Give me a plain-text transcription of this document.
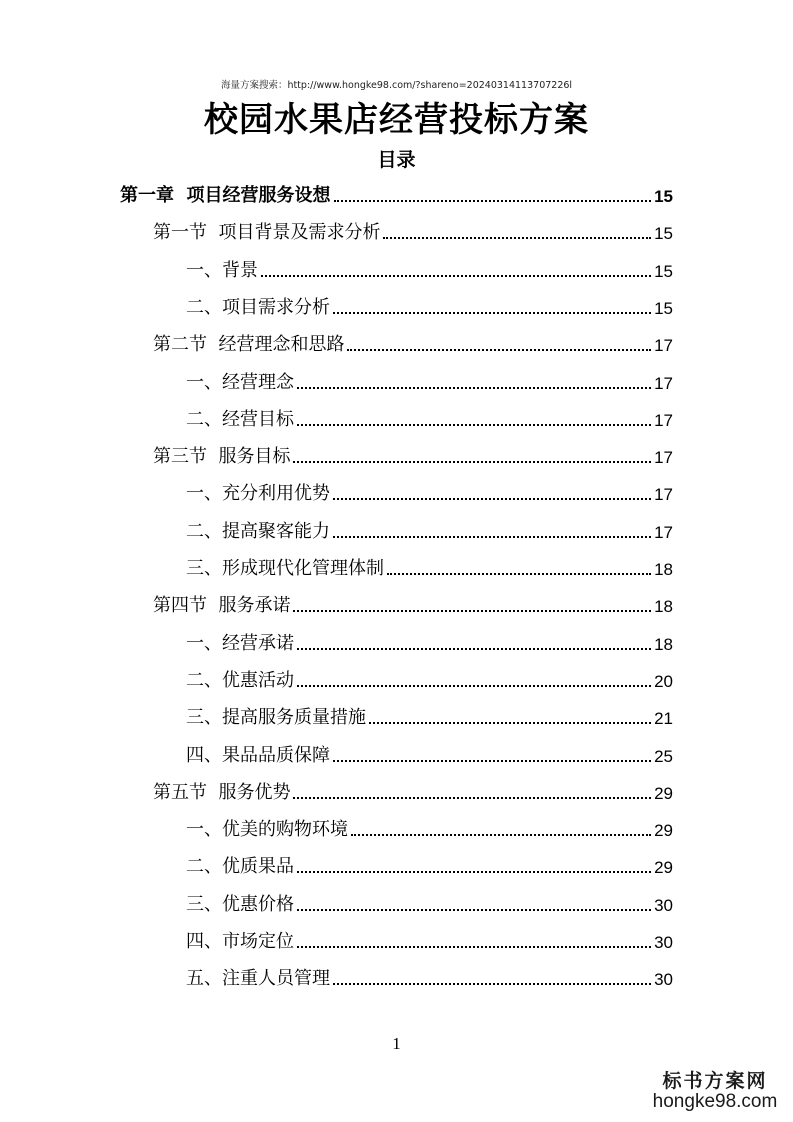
海量方案搜索：http://www.hongke98.com/?shareno=20240314113707226l
校园水果店经营投标方案
目录
第一章  项目经营服务设想	15
第一节  项目背景及需求分析	15
一、背景	15
二、项目需求分析	15
第二节  经营理念和思路	17
一、经营理念	17
二、经营目标	17
第三节  服务目标	17
一、充分利用优势	17
二、提高聚客能力	17
三、形成现代化管理体制	18
第四节  服务承诺	18
一、经营承诺	18
二、优惠活动	20
三、提高服务质量措施	21
四、果品品质保障	25
第五节  服务优势	29
一、优美的购物环境	29
二、优质果品	29
三、优惠价格	30
四、市场定位	30
五、注重人员管理	30
1
标书方案网
hongke98.com
